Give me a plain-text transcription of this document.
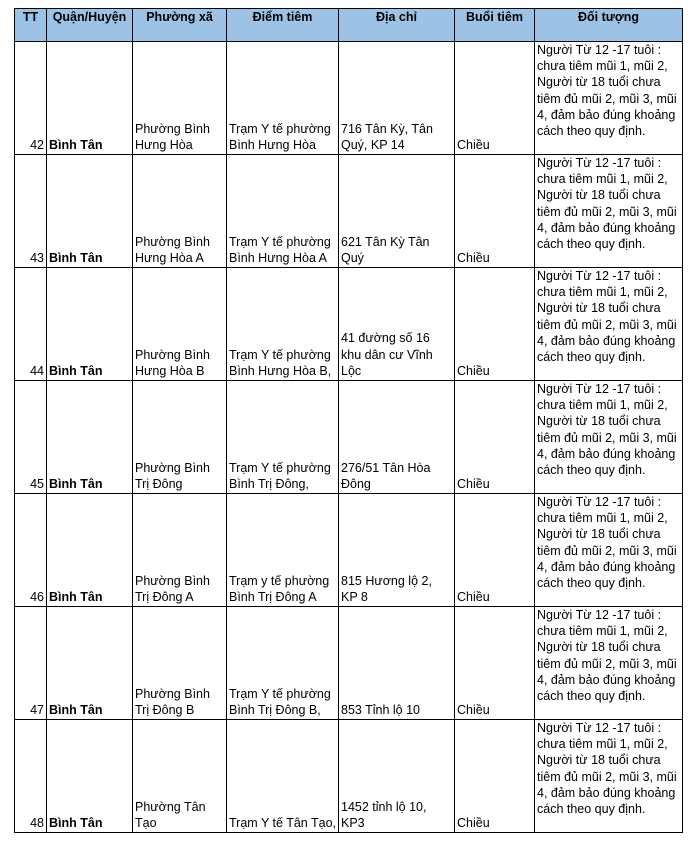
TT	Quận/Huyện	Phường xã	Điểm tiêm	Địa chỉ	Buổi tiêm	Đối tượng
42	Bình Tân	Phường Bình Hưng Hòa	Trạm Y tế phường Bình Hưng Hòa	716 Tân Kỳ, Tân Quý, KP 14	Chiều	Người Từ 12 -17 tuôi : chưa tiêm mũi 1, mũi 2, Người từ 18 tuổi chưa tiêm đủ mũi 2, mũi 3, mũi 4, đảm bảo đúng khoảng cách theo quy định.
43	Bình Tân	Phường Bình Hưng Hòa A	Trạm Y tế phường Bình Hưng Hòa A	621 Tân Kỳ Tân Quý	Chiều	Người Từ 12 -17 tuôi : chưa tiêm mũi 1, mũi 2, Người từ 18 tuổi chưa tiêm đủ mũi 2, mũi 3, mũi 4, đảm bảo đúng khoảng cách theo quy định.
44	Bình Tân	Phường Bình Hưng Hòa B	Trạm Y tế phường Bình Hưng Hòa B,	41 đường số 16 khu dân cư Vĩnh Lộc	Chiều	Người Từ 12 -17 tuôi : chưa tiêm mũi 1, mũi 2, Người từ 18 tuổi chưa tiêm đủ mũi 2, mũi 3, mũi 4, đảm bảo đúng khoảng cách theo quy định.
45	Bình Tân	Phường Bình Trị Đông	Trạm Y tế phường Bình Trị Đông,	276/51 Tân Hòa Đông	Chiều	Người Từ 12 -17 tuôi : chưa tiêm mũi 1, mũi 2, Người từ 18 tuổi chưa tiêm đủ mũi 2, mũi 3, mũi 4, đảm bảo đúng khoảng cách theo quy định.
46	Bình Tân	Phường Bình Trị Đông A	Trạm y tế phường Bình Trị Đông A	815 Hương lộ 2, KP 8	Chiều	Người Từ 12 -17 tuôi : chưa tiêm mũi 1, mũi 2, Người từ 18 tuổi chưa tiêm đủ mũi 2, mũi 3, mũi 4, đảm bảo đúng khoảng cách theo quy định.
47	Bình Tân	Phường Bình Trị Đông B	Trạm Y tế phường Bình Trị Đông B,	853 Tỉnh lộ 10	Chiều	Người Từ 12 -17 tuôi : chưa tiêm mũi 1, mũi 2, Người từ 18 tuổi chưa tiêm đủ mũi 2, mũi 3, mũi 4, đảm bảo đúng khoảng cách theo quy định.
48	Bình Tân	Phường Tân Tạo	Trạm Y tế Tân Tạo,	1452 tỉnh lộ 10, KP3	Chiều	Người Từ 12 -17 tuôi : chưa tiêm mũi 1, mũi 2, Người từ 18 tuổi chưa tiêm đủ mũi 2, mũi 3, mũi 4, đảm bảo đúng khoảng cách theo quy định.
